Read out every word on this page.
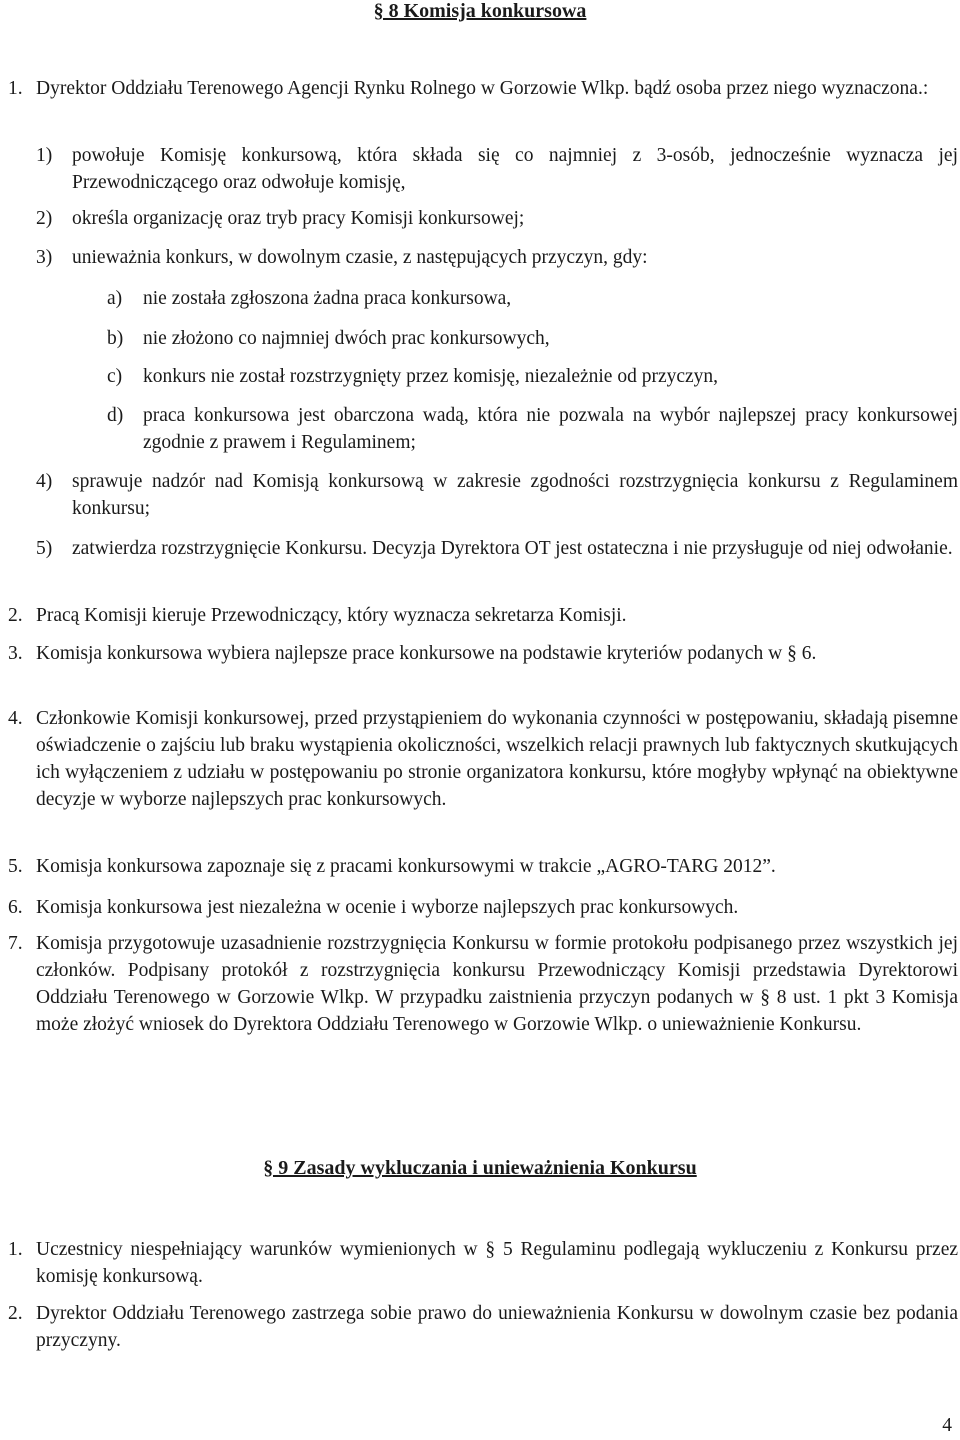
§ 8 Komisja konkursowa
1. Dyrektor Oddziału Terenowego Agencji Rynku Rolnego w Gorzowie Wlkp. bądź osoba przez niego wyznaczona.:
1)	powołuje Komisję konkursową, która składa się co najmniej z 3-osób, jednocześnie wyznacza jej Przewodniczącego oraz odwołuje komisję,
2)	określa organizację oraz tryb pracy Komisji konkursowej;
3)	unieważnia konkurs, w dowolnym czasie, z następujących przyczyn, gdy:
a)	nie została zgłoszona żadna praca konkursowa,
b)	nie złożono co najmniej dwóch prac konkursowych,
c)	konkurs nie został rozstrzygnięty przez komisję, niezależnie od przyczyn,
d)	praca konkursowa jest obarczona wadą, która nie pozwala na wybór najlepszej pracy konkursowej zgodnie z prawem i Regulaminem;
4)	sprawuje nadzór nad Komisją konkursową w zakresie zgodności rozstrzygnięcia konkursu z Regulaminem konkursu;
5)	zatwierdza rozstrzygnięcie Konkursu. Decyzja Dyrektora OT jest ostateczna i nie przysługuje od niej odwołanie.
2. Pracą Komisji kieruje Przewodniczący, który wyznacza sekretarza Komisji.
3. Komisja konkursowa wybiera najlepsze prace konkursowe na podstawie kryteriów podanych w § 6.
4. Członkowie Komisji konkursowej, przed przystąpieniem do wykonania czynności w postępowaniu, składają pisemne oświadczenie o zajściu lub braku wystąpienia okoliczności, wszelkich relacji prawnych lub faktycznych skutkujących ich wyłączeniem z udziału w postępowaniu po stronie organizatora konkursu, które mogłyby wpłynąć na obiektywne decyzje w wyborze najlepszych prac konkursowych.
5. Komisja konkursowa zapoznaje się z pracami konkursowymi w trakcie „AGRO-TARG 2012”.
6. Komisja konkursowa jest niezależna w ocenie i wyborze najlepszych prac konkursowych.
7. Komisja przygotowuje uzasadnienie rozstrzygnięcia Konkursu w formie protokołu podpisanego przez wszystkich jej członków. Podpisany protokół z rozstrzygnięcia konkursu Przewodniczący Komisji przedstawia Dyrektorowi Oddziału Terenowego w Gorzowie Wlkp. W przypadku zaistnienia przyczyn podanych w § 8 ust. 1 pkt 3 Komisja może złożyć wniosek do Dyrektora Oddziału Terenowego w Gorzowie Wlkp. o unieważnienie Konkursu.
§ 9 Zasady wykluczania i unieważnienia Konkursu
1. Uczestnicy niespełniający warunków wymienionych w § 5 Regulaminu podlegają wykluczeniu z Konkursu przez komisję konkursową.
2. Dyrektor Oddziału Terenowego zastrzega sobie prawo do unieważnienia Konkursu w dowolnym czasie bez podania przyczyny.
4
